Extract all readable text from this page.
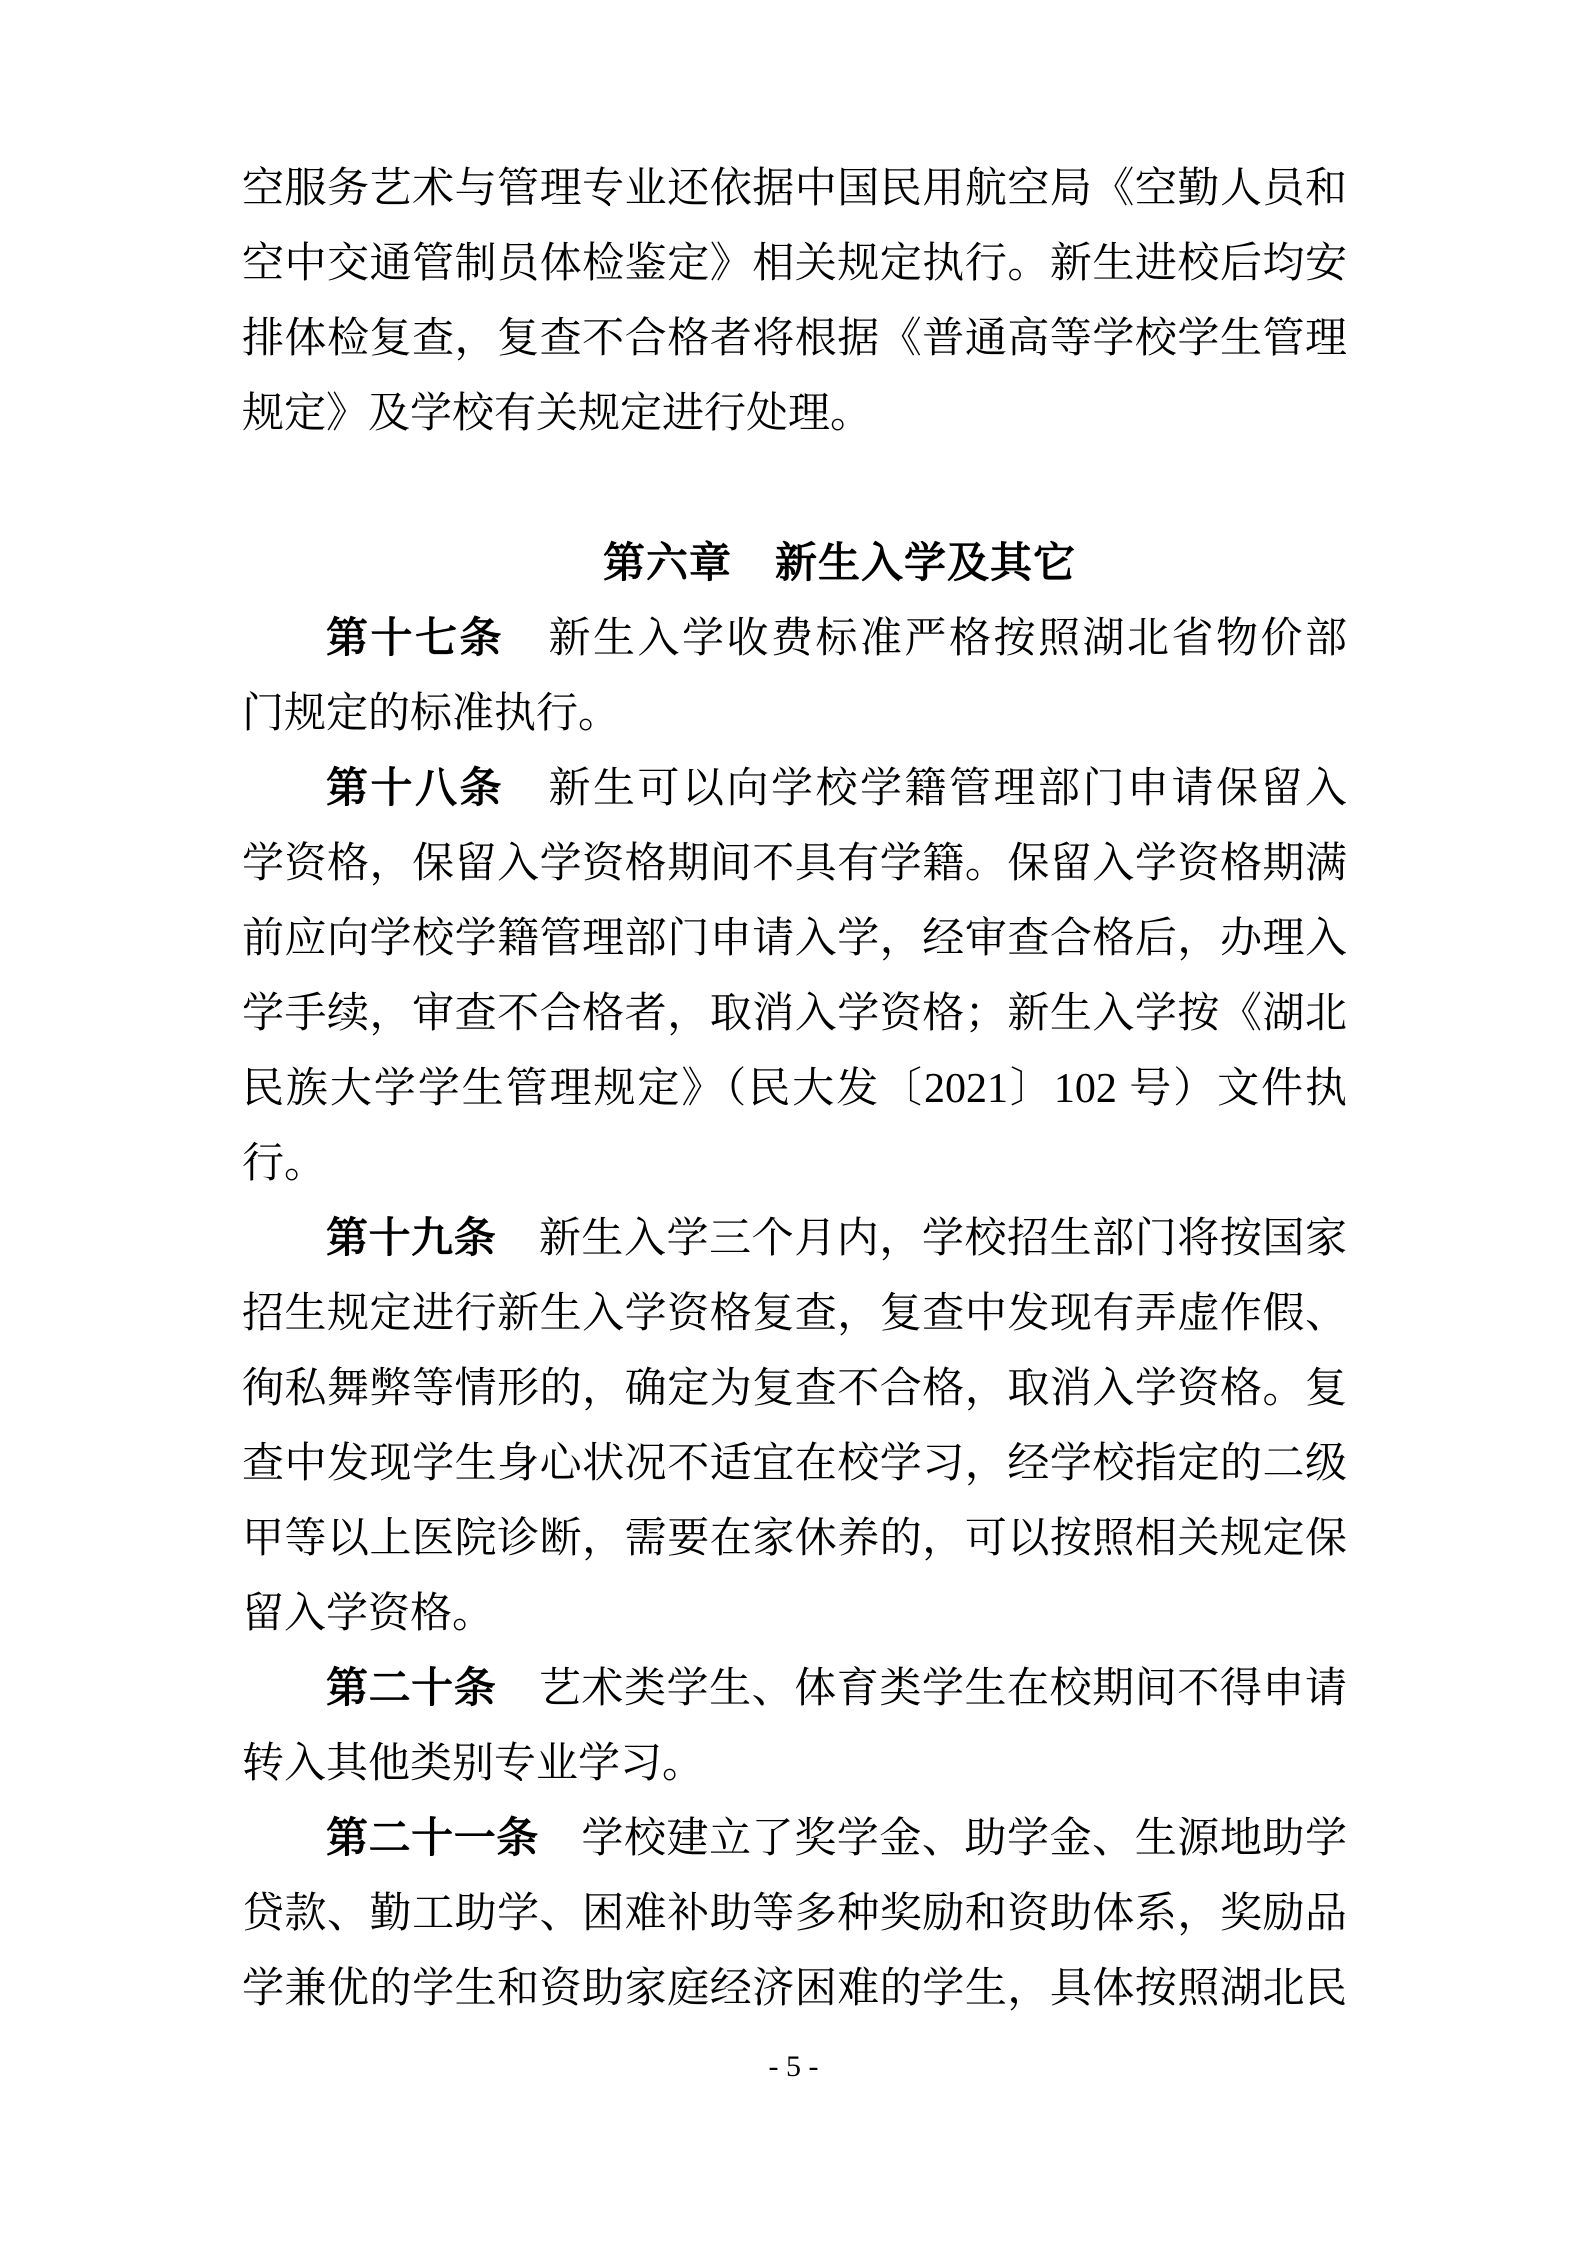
空服务艺术与管理专业还依据中国民用航空局《空勤人员和
空中交通管制员体检鉴定》相关规定执行。新生进校后均安
排体检复查，复查不合格者将根据《普通高等学校学生管理
规定》及学校有关规定进行处理。
第六章　新生入学及其它
第十七条　新生入学收费标准严格按照湖北省物价部
门规定的标准执行。
第十八条　新生可以向学校学籍管理部门申请保留入
学资格，保留入学资格期间不具有学籍。保留入学资格期满
前应向学校学籍管理部门申请入学，经审查合格后，办理入
学手续，审查不合格者，取消入学资格；新生入学按《湖北
民族大学学生管理规定》（民大发〔2021〕102 号）文件执
行。
第十九条　新生入学三个月内，学校招生部门将按国家
招生规定进行新生入学资格复查，复查中发现有弄虚作假、
徇私舞弊等情形的，确定为复查不合格，取消入学资格。复
查中发现学生身心状况不适宜在校学习，经学校指定的二级
甲等以上医院诊断，需要在家休养的，可以按照相关规定保
留入学资格。
第二十条　艺术类学生、体育类学生在校期间不得申请
转入其他类别专业学习。
第二十一条　学校建立了奖学金、助学金、生源地助学
贷款、勤工助学、困难补助等多种奖励和资助体系，奖励品
学兼优的学生和资助家庭经济困难的学生，具体按照湖北民
- 5 -
